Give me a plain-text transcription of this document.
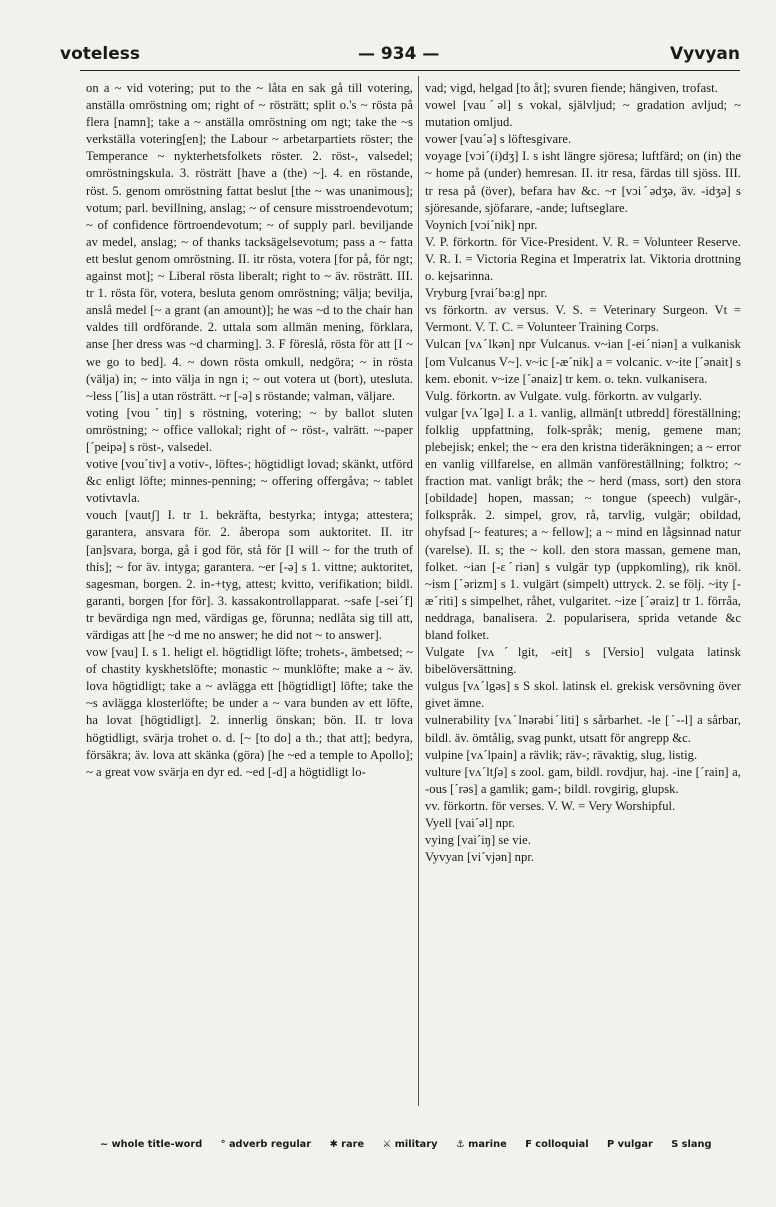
voteless	— 934 —	Vyvyan

on a ~ vid votering; put to the ~ låta en sak gå till votering, anställa omröstning om; right of ~ rösträtt; split o.'s ~ rösta på flera [namn]; take a ~ anställa omröstning om ngt; take the ~s verkställa votering[en]; the Labour ~ arbetarpartiets röster; the Temperance ~ nykterhetsfolkets röster. 2. röst-, valsedel; omröstningskula. 3. rösträtt [have a (the) ~]. 4. en röstande, röst. 5. genom omröstning fattat beslut [the ~ was unanimous]; votum; parl. bevillning, anslag; ~ of censure misstroendevotum; ~ of confidence förtroendevotum; ~ of supply parl. beviljande av medel, anslag; ~ of thanks tacksägelsevotum; pass a ~ fatta ett beslut genom omröstning. II. itr rösta, votera [for på, för ngt; against mot]; ~ Liberal rösta liberalt; right to ~ äv. rösträtt. III. tr 1. rösta för, votera, besluta genom omröstning; välja; bevilja, anslå medel [~ a grant (an amount)]; he was ~d to the chair han valdes till ordförande. 2. uttala som allmän mening, förklara, anse [her dress was ~d charming]. 3. F föreslå, rösta för att [I ~ we go to bed]. 4. ~ down rösta omkull, nedgöra; ~ in rösta (välja) in; ~ into välja in ngn i; ~ out votera ut (bort), utesluta. ~less [ˊlis] a utan rösträtt. ~r [-ə] s röstande; valman, väljare.

voting [vouˊtiŋ] s röstning, votering; ~ by ballot sluten omröstning; ~ office vallokal; right of ~ röst-, valrätt. ~-paper [ˊpeipə] s röst-, valsedel.

votive [vouˊtiv] a votiv-, löftes-; högtidligt lovad; skänkt, utförd &c enligt löfte; minnes-penning; ~ offering offergåva; ~ tablet votivtavla.

vouch [vautʃ] I. tr 1. bekräfta, bestyrka; intyga; attestera; garantera, ansvara för. 2. åberopa som auktoritet. II. itr [an]svara, borga, gå i god för, stå för [I will ~ for the truth of this]; ~ for äv. intyga; garantera. ~er [-ə] s 1. vittne; auktoritet, sagesman, borgen. 2. in-+tyg, attest; kvitto, verifikation; bildl. garanti, borgen [for för]. 3. kassakontrollapparat. ~safe [-seiˊf] tr bevärdiga ngn med, värdigas ge, förunna; nedlåta sig till att, värdigas att [he ~d me no answer; he did not ~ to answer].

vow [vau] I. s 1. heligt el. högtidligt löfte; trohets-, ämbetsed; ~ of chastity kyskhetslöfte; monastic ~ munklöfte; make a ~ äv. lova högtidligt; take a ~ avlägga ett [högtidligt] löfte; take the ~s avlägga klosterlöfte; be under a ~ vara bunden av ett löfte, ha lovat [högtidligt]. 2. innerlig önskan; bön. II. tr lova högtidligt, svärja trohet o. d. [~ [to do] a th.; that att]; bedyra, försäkra; äv. lova att skänka (göra) [he ~ed a temple to Apollo]; ~ a great vow svärja en dyr ed. ~ed [-d] a högtidligt lo-

vad; vigd, helgad [to åt]; svuren fiende; hängiven, trofast.

vowel [vauˊəl] s vokal, självljud; ~ gradation avljud; ~ mutation omljud.

vower [vauˊə] s löftesgivare.

voyage [vɔiˊ(i)dʒ] I. s isht längre sjöresa; luftfärd; on (in) the ~ home på (under) hemresan. II. itr resa, färdas till sjöss. III. tr resa på (över), befara hav &c. ~r [vɔiˊədʒə, äv. -idʒə] s sjöresande, sjöfarare, -ande; luftseglare.

Voynich [vɔiˊnik] npr.

V. P. förkortn. för Vice-President. V. R. = Volunteer Reserve. V. R. I. = Victoria Regina et Imperatrix lat. Viktoria drottning o. kejsarinna.

Vryburg [vraiˊbəːg] npr.

vs förkortn. av versus. V. S. = Veterinary Surgeon. Vt = Vermont. V. T. C. = Volunteer Training Corps.

Vulcan [vʌˊlkən] npr Vulcanus. v~ian [-eiˊniən] a vulkanisk [om Vulcanus V~]. v~ic [-æˊnik] a = volcanic. v~ite [ˊənait] s kem. ebonit. v~ize [ˊənaiz] tr kem. o. tekn. vulkanisera.

Vulg. förkortn. av Vulgate. vulg. förkortn. av vulgarly.

vulgar [vʌˊlgə] I. a 1. vanlig, allmän[t utbredd] föreställning; folklig uppfattning, folk-språk; menig, gemene man; plebejisk; enkel; the ~ era den kristna tideräkningen; a ~ error en vanlig villfarelse, en allmän vanföreställning; folktro; ~ fraction mat. vanligt bråk; the ~ herd (mass, sort) den stora [obildade] hopen, massan; ~ tongue (speech) vulgär-, folkspråk. 2. simpel, grov, rå, tarvlig, vulgär; obildad, ohyfsad [~ features; a ~ fellow]; a ~ mind en lågsinnad natur (varelse). II. s; the ~ koll. den stora massan, gemene man, folket. ~ian [-ɛˊriən] s vulgär typ (uppkomling), rik knöl. ~ism [ˊərizm] s 1. vulgärt (simpelt) uttryck. 2. se följ. ~ity [-æˊriti] s simpelhet, råhet, vulgaritet. ~ize [ˊəraiz] tr 1. förråa, neddraga, banalisera. 2. popularisera, sprida vetande &c bland folket.

Vulgate [vʌˊlgit, -eit] s [Versio] vulgata latinsk bibelöversättning.

vulgus [vʌˊlgəs] s S skol. latinsk el. grekisk versövning över givet ämne.

vulnerability [vʌˊlnərəbiˊliti] s sårbarhet. -le [ˊ--l] a sårbar, bildl. äv. ömtålig, svag punkt, utsatt för angrepp &c.

vulpine [vʌˊlpain] a rävlik; räv-; rävaktig, slug, listig.

vulture [vʌˊltʃə] s zool. gam, bildl. rovdjur, haj. -ine [ˊrain] a, -ous [ˊrəs] a gamlik; gam-; bildl. rovgirig, glupsk.

vv. förkortn. för verses. V. W. = Very Worshipful.

Vyell [vaiˊəl] npr.

vying [vaiˊiŋ] se vie.

Vyvyan [viˊvjən] npr.

~ whole title-word ° adverb regular ✱ rare ⚔ military ⚓ marine F colloquial P vulgar S slang
